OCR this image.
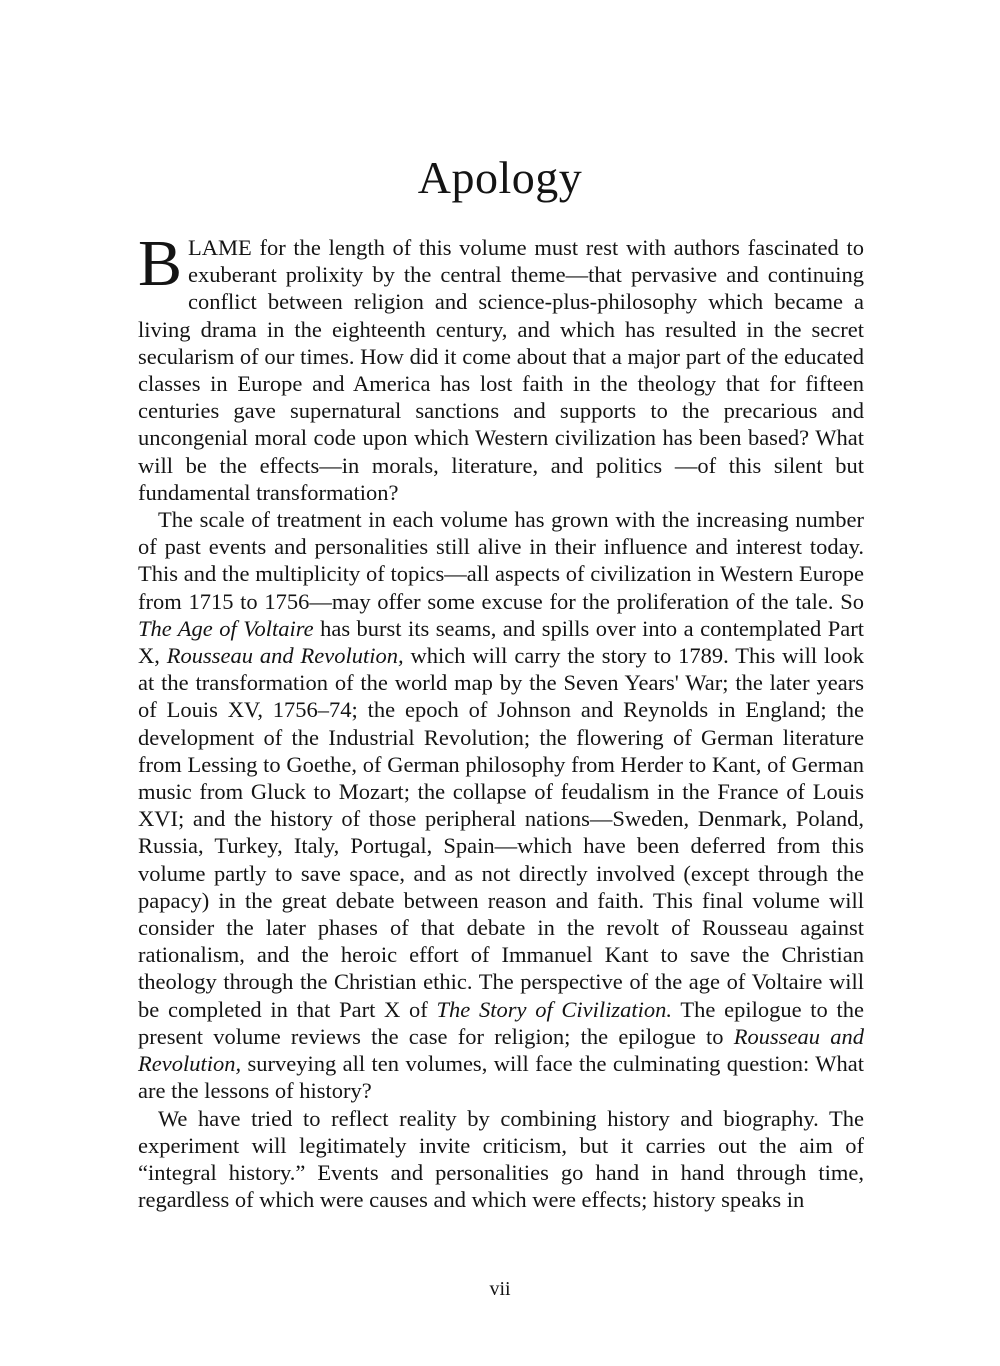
Apology

BLAME for the length of this volume must rest with authors fascinated to exuberant prolixity by the central theme—that pervasive and continuing conflict between religion and science-plus-philosophy which became a living drama in the eighteenth century, and which has resulted in the secret secularism of our times. How did it come about that a major part of the educated classes in Europe and America has lost faith in the theology that for fifteen centuries gave supernatural sanctions and supports to the precarious and uncongenial moral code upon which Western civilization has been based? What will be the effects—in morals, literature, and politics —of this silent but fundamental transformation?

The scale of treatment in each volume has grown with the increasing number of past events and personalities still alive in their influence and interest today. This and the multiplicity of topics—all aspects of civilization in Western Europe from 1715 to 1756—may offer some excuse for the proliferation of the tale. So The Age of Voltaire has burst its seams, and spills over into a contemplated Part X, Rousseau and Revolution, which will carry the story to 1789. This will look at the transformation of the world map by the Seven Years' War; the later years of Louis XV, 1756–74; the epoch of Johnson and Reynolds in England; the development of the Industrial Revolution; the flowering of German literature from Lessing to Goethe, of German philosophy from Herder to Kant, of German music from Gluck to Mozart; the collapse of feudalism in the France of Louis XVI; and the history of those peripheral nations—Sweden, Denmark, Poland, Russia, Turkey, Italy, Portugal, Spain—which have been deferred from this volume partly to save space, and as not directly involved (except through the papacy) in the great debate between reason and faith. This final volume will consider the later phases of that debate in the revolt of Rousseau against rationalism, and the heroic effort of Immanuel Kant to save the Christian theology through the Christian ethic. The perspective of the age of Voltaire will be completed in that Part X of The Story of Civilization. The epilogue to the present volume reviews the case for religion; the epilogue to Rousseau and Revolution, surveying all ten volumes, will face the culminating question: What are the lessons of history?

We have tried to reflect reality by combining history and biography. The experiment will legitimately invite criticism, but it carries out the aim of “integral history.” Events and personalities go hand in hand through time, regardless of which were causes and which were effects; history speaks in

vii
